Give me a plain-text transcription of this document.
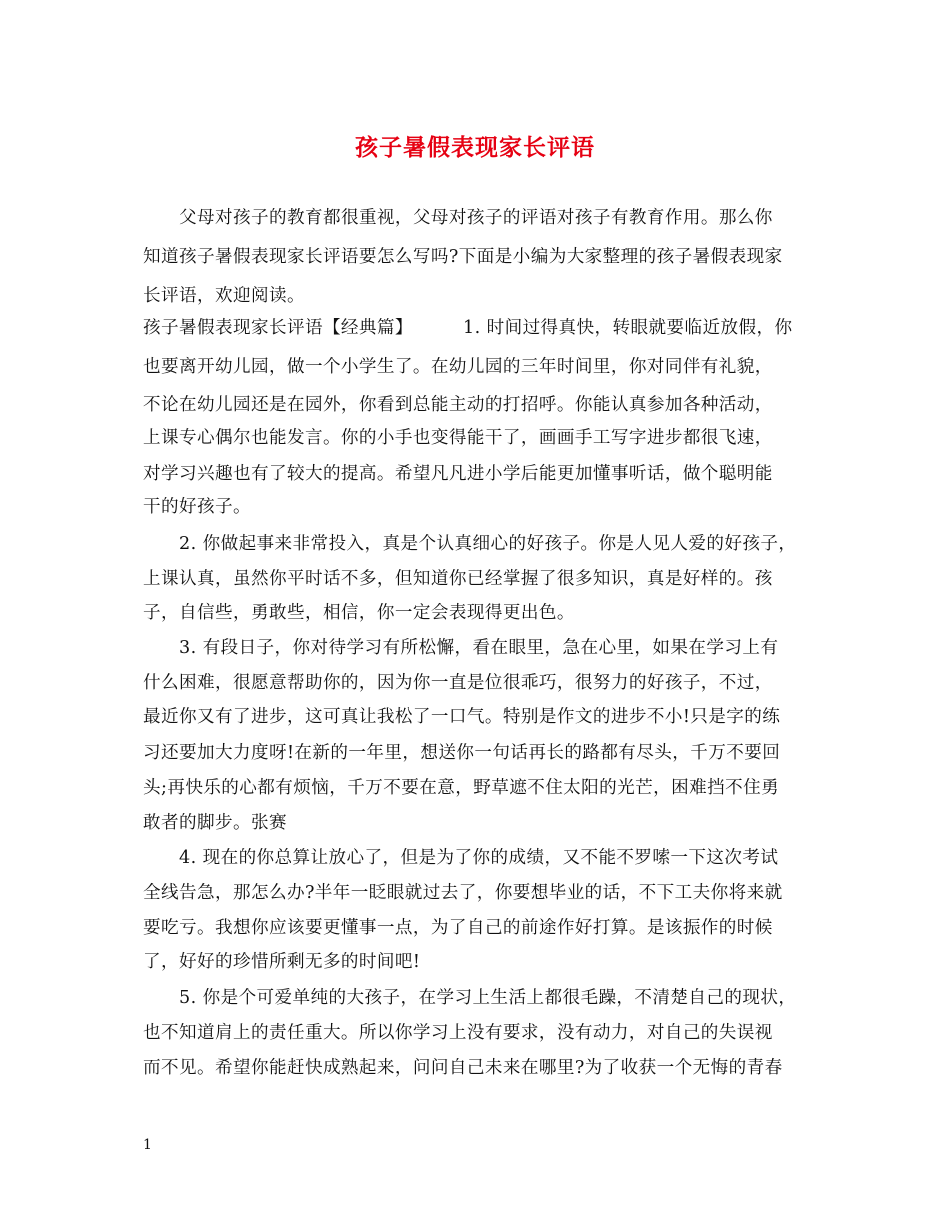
孩子暑假表现家长评语
父母对孩子的教育都很重视，父母对孩子的评语对孩子有教育作用。那么你
知道孩子暑假表现家长评语要怎么写吗?下面是小编为大家整理的孩子暑假表现家
长评语，欢迎阅读。
孩子暑假表现家长评语【经典篇】	1. 时间过得真快，转眼就要临近放假，你
也要离开幼儿园，做一个小学生了。在幼儿园的三年时间里，你对同伴有礼貌，
不论在幼儿园还是在园外，你看到总能主动的打招呼。你能认真参加各种活动，
上课专心偶尔也能发言。你的小手也变得能干了，画画手工写字进步都很飞速，
对学习兴趣也有了较大的提高。希望凡凡进小学后能更加懂事听话，做个聪明能
干的好孩子。
2. 你做起事来非常投入，真是个认真细心的好孩子。你是人见人爱的好孩子，
上课认真，虽然你平时话不多，但知道你已经掌握了很多知识，真是好样的。孩
子，自信些，勇敢些，相信，你一定会表现得更出色。
3. 有段日子，你对待学习有所松懈，看在眼里，急在心里，如果在学习上有
什么困难，很愿意帮助你的，因为你一直是位很乖巧，很努力的好孩子，不过，
最近你又有了进步，这可真让我松了一口气。特别是作文的进步不小!只是字的练
习还要加大力度呀!在新的一年里，想送你一句话再长的路都有尽头，千万不要回
头;再快乐的心都有烦恼，千万不要在意，野草遮不住太阳的光芒，困难挡不住勇
敢者的脚步。张赛
4. 现在的你总算让放心了，但是为了你的成绩，又不能不罗嗦一下这次考试
全线告急，那怎么办?半年一眨眼就过去了，你要想毕业的话，不下工夫你将来就
要吃亏。我想你应该要更懂事一点，为了自己的前途作好打算。是该振作的时候
了，好好的珍惜所剩无多的时间吧!
5. 你是个可爱单纯的大孩子，在学习上生活上都很毛躁，不清楚自己的现状，
也不知道肩上的责任重大。所以你学习上没有要求，没有动力，对自己的失误视
而不见。希望你能赶快成熟起来，问问自己未来在哪里?为了收获一个无悔的青春
1
